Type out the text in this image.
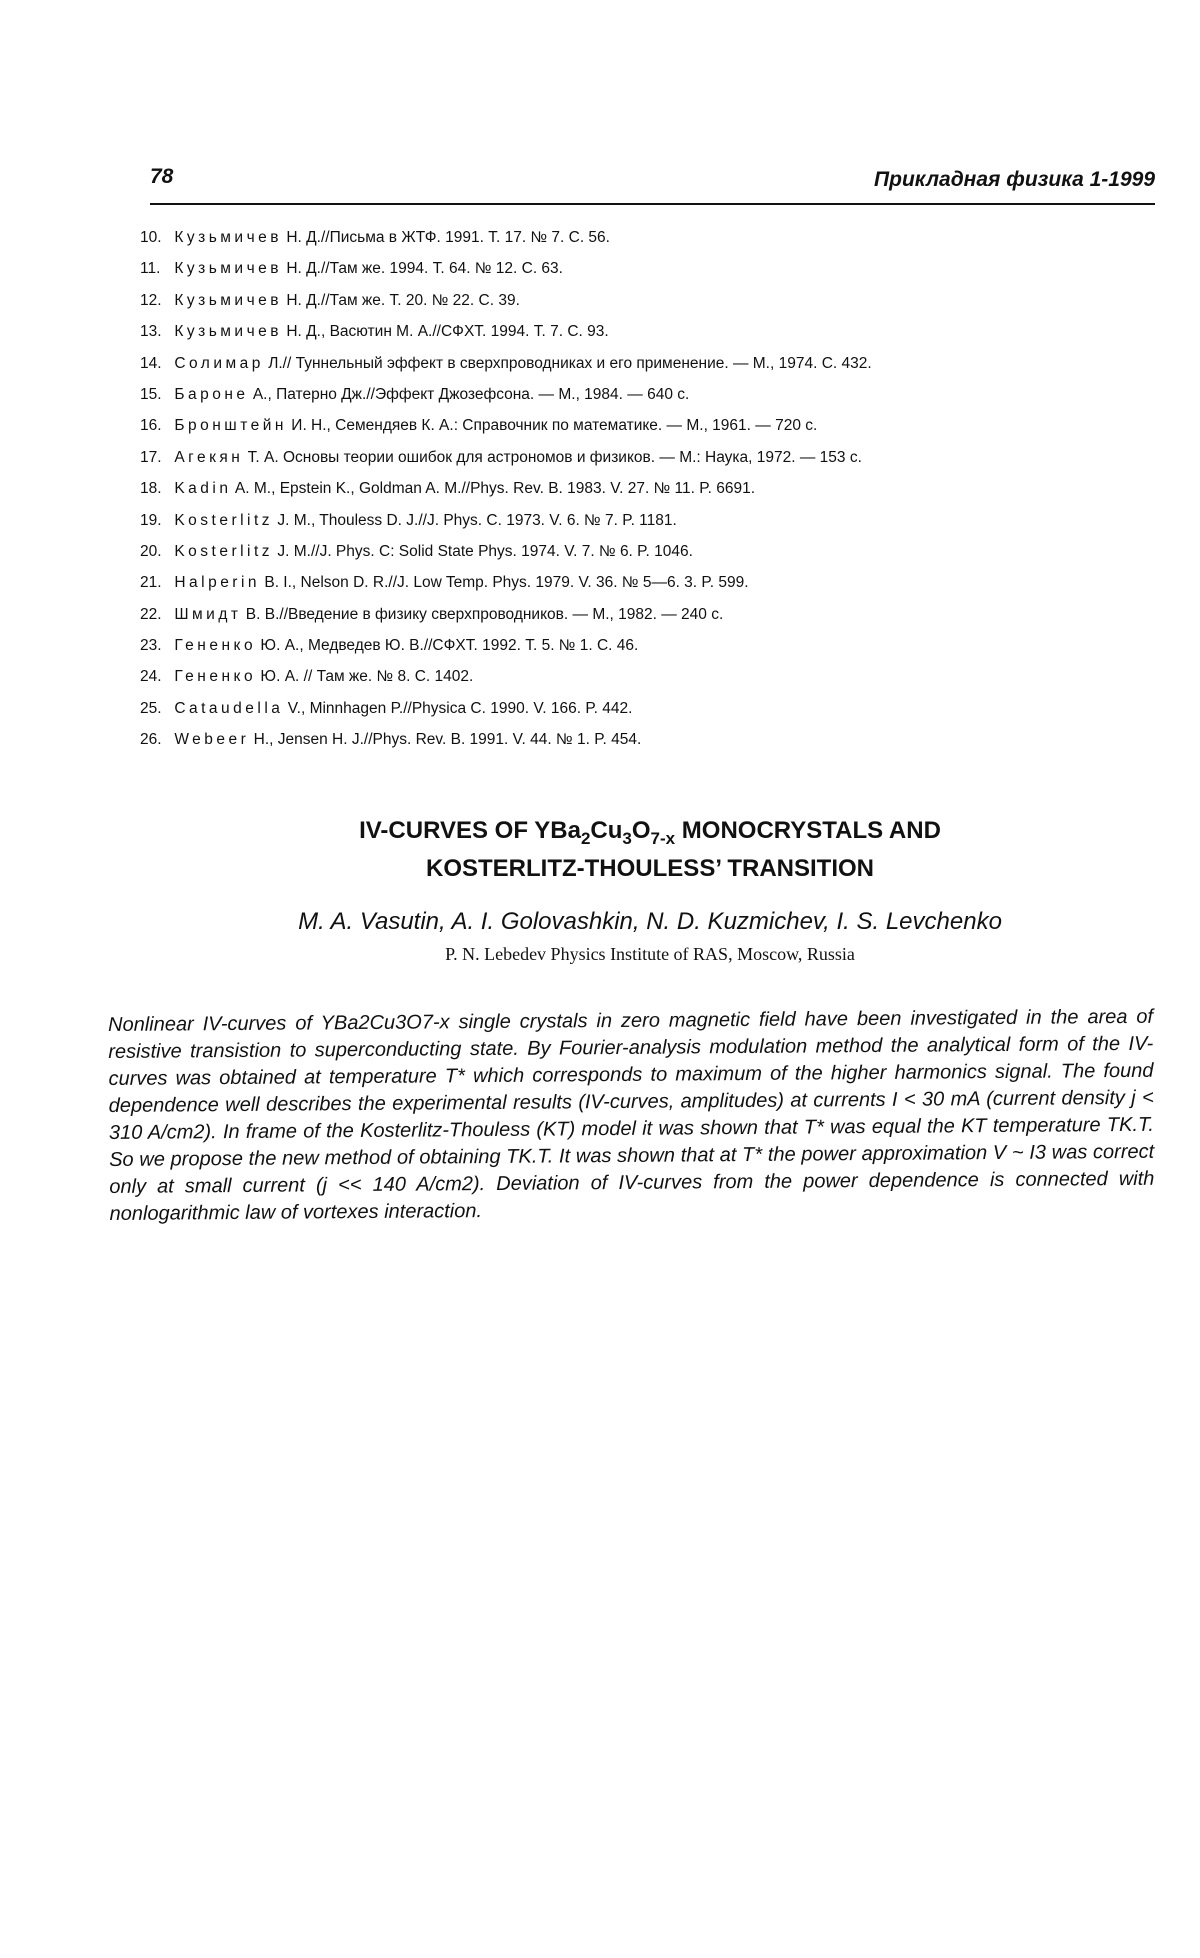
78	Прикладная физика 1-1999
10. Кузьмичев Н. Д.//Письма в ЖТФ. 1991. Т. 17. № 7. С. 56.
11. Кузьмичев Н. Д.//Там же. 1994. Т. 64. № 12. С. 63.
12. Кузьмичев Н. Д.//Там же. Т. 20. № 22. С. 39.
13. Кузьмичев Н. Д., Васютин М. А.//СФХТ. 1994. Т. 7. С. 93.
14. Солимар Л.// Туннельный эффект в сверхпроводниках и его применение. — М., 1974. С. 432.
15. Бароне А., Патерно Дж.//Эффект Джозефсона. — М., 1984. — 640 с.
16. Бронштейн И. Н., Семендяев К. А.: Справочник по математике. — М., 1961. — 720 с.
17. Агекян Т. А. Основы теории ошибок для астрономов и физиков. — М.: Наука, 1972. — 153 с.
18. Kadin A. M., Epstein K., Goldman A. M.//Phys. Rev. B. 1983. V. 27. № 11. P. 6691.
19. Kosterlitz J. M., Thouless D. J.//J. Phys. C. 1973. V. 6. № 7. P. 1181.
20. Kosterlitz J. M.//J. Phys. C: Solid State Phys. 1974. V. 7. № 6. P. 1046.
21. Halperin B. I., Nelson D. R.//J. Low Temp. Phys. 1979. V. 36. № 5—6. 3. P. 599.
22. Шмидт В. В.//Введение в физику сверхпроводников. — М., 1982. — 240 с.
23. Гененко Ю. А., Медведев Ю. В.//СФХТ. 1992. Т. 5. № 1. С. 46.
24. Гененко Ю. А. // Там же. № 8. С. 1402.
25. Cataudella V., Minnhagen P.//Physica C. 1990. V. 166. P. 442.
26. Webeer H., Jensen H. J.//Phys. Rev. B. 1991. V. 44. № 1. P. 454.
IV-CURVES OF $YBa_2Cu_3O_{7-x}$ MONOCRYSTALS AND
KOSTERLITZ-THOULESS’ TRANSITION
M. A. Vasutin, A. I. Golovashkin, N. D. Kuzmichev, I. S. Levchenko
P. N. Lebedev Physics Institute of RAS, Moscow, Russia

Nonlinear IV-curves of YBa2Cu3O7-x single crystals in zero magnetic field have been investigated in the area of resistive transistion to superconducting state. By Fourier-analysis modulation method the analytical form of the IV-curves was obtained at temperature T* which corresponds to maximum of the higher harmonics signal. The found dependence well describes the experimental results (IV-curves, amplitudes) at currents I < 30 mA (current density j < 310 A/cm2). In frame of the Kosterlitz-Thouless (KT) model it was shown that T* was equal the KT temperature TK.T. So we propose the new method of obtaining TK.T. It was shown that at T* the power approximation V ~ I3 was correct only at small current (j << 140 A/cm2). Deviation of IV-curves from the power dependence is connected with nonlogarithmic law of vortexes interaction.
